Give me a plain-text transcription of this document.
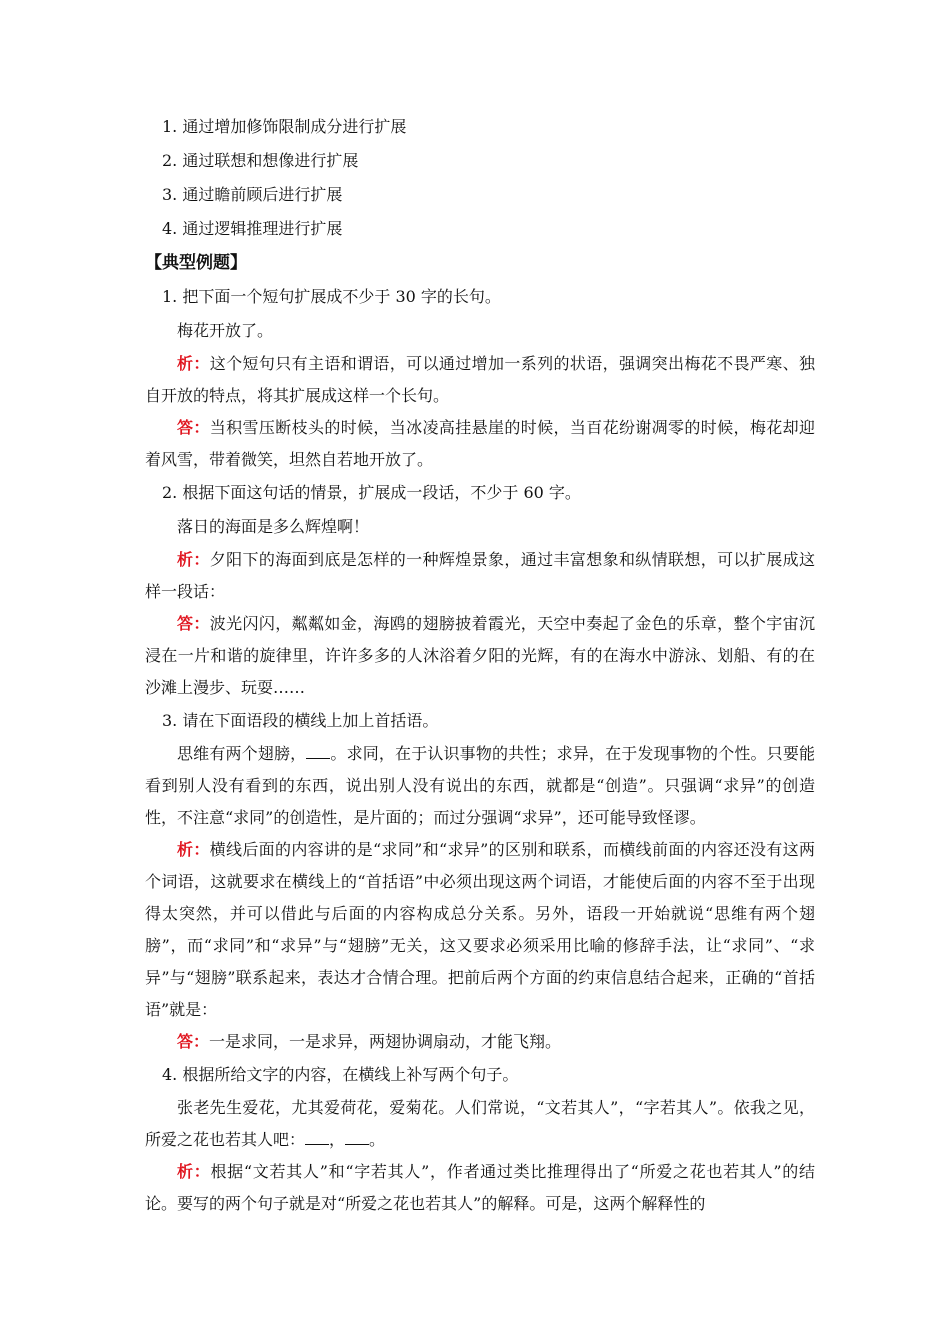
1. 通过增加修饰限制成分进行扩展
2. 通过联想和想像进行扩展
3. 通过瞻前顾后进行扩展
4. 通过逻辑推理进行扩展
【典型例题】
1. 把下面一个短句扩展成不少于 30 字的长句。
梅花开放了。

析：这个短句只有主语和谓语，可以通过增加一系列的状语，强调突出梅花不畏严寒、独自开放的特点，将其扩展成这样一个长句。

答：当积雪压断枝头的时候，当冰凌高挂悬崖的时候，当百花纷谢凋零的时候，梅花却迎着风雪，带着微笑，坦然自若地开放了。

2. 根据下面这句话的情景，扩展成一段话，不少于 60 字。
落日的海面是多么辉煌啊！

析：夕阳下的海面到底是怎样的一种辉煌景象，通过丰富想象和纵情联想，可以扩展成这样一段话：

答：波光闪闪，粼粼如金，海鸥的翅膀披着霞光，天空中奏起了金色的乐章，整个宇宙沉浸在一片和谐的旋律里，许许多多的人沐浴着夕阳的光辉，有的在海水中游泳、划船、有的在沙滩上漫步、玩耍……

3. 请在下面语段的横线上加上首括语。

思维有两个翅膀， 。求同，在于认识事物的共性；求异，在于发现事物的个性。只要能看到别人没有看到的东西，说出别人没有说出的东西，就都是“创造”。只强调“求异”的创造性，不注意“求同”的创造性，是片面的；而过分强调“求异”，还可能导致怪谬。

析：横线后面的内容讲的是“求同”和“求异”的区别和联系，而横线前面的内容还没有这两个词语，这就要求在横线上的“首括语”中必须出现这两个词语，才能使后面的内容不至于出现得太突然，并可以借此与后面的内容构成总分关系。另外，语段一开始就说“思维有两个翅膀”，而“求同”和“求异”与“翅膀”无关，这又要求必须采用比喻的修辞手法，让“求同”、“求异”与“翅膀”联系起来，表达才合情合理。把前后两个方面的约束信息结合起来，正确的“首括语”就是：

答：一是求同，一是求异，两翅协调扇动，才能飞翔。

4. 根据所给文字的内容，在横线上补写两个句子。

张老先生爱花，尤其爱荷花，爱菊花。人们常说，“文若其人”，“字若其人”。依我之见，所爱之花也若其人吧： ， 。

析：根据“文若其人”和“字若其人”，作者通过类比推理得出了“所爱之花也若其人”的结论。要写的两个句子就是对“所爱之花也若其人”的解释。可是，这两个解释性的
